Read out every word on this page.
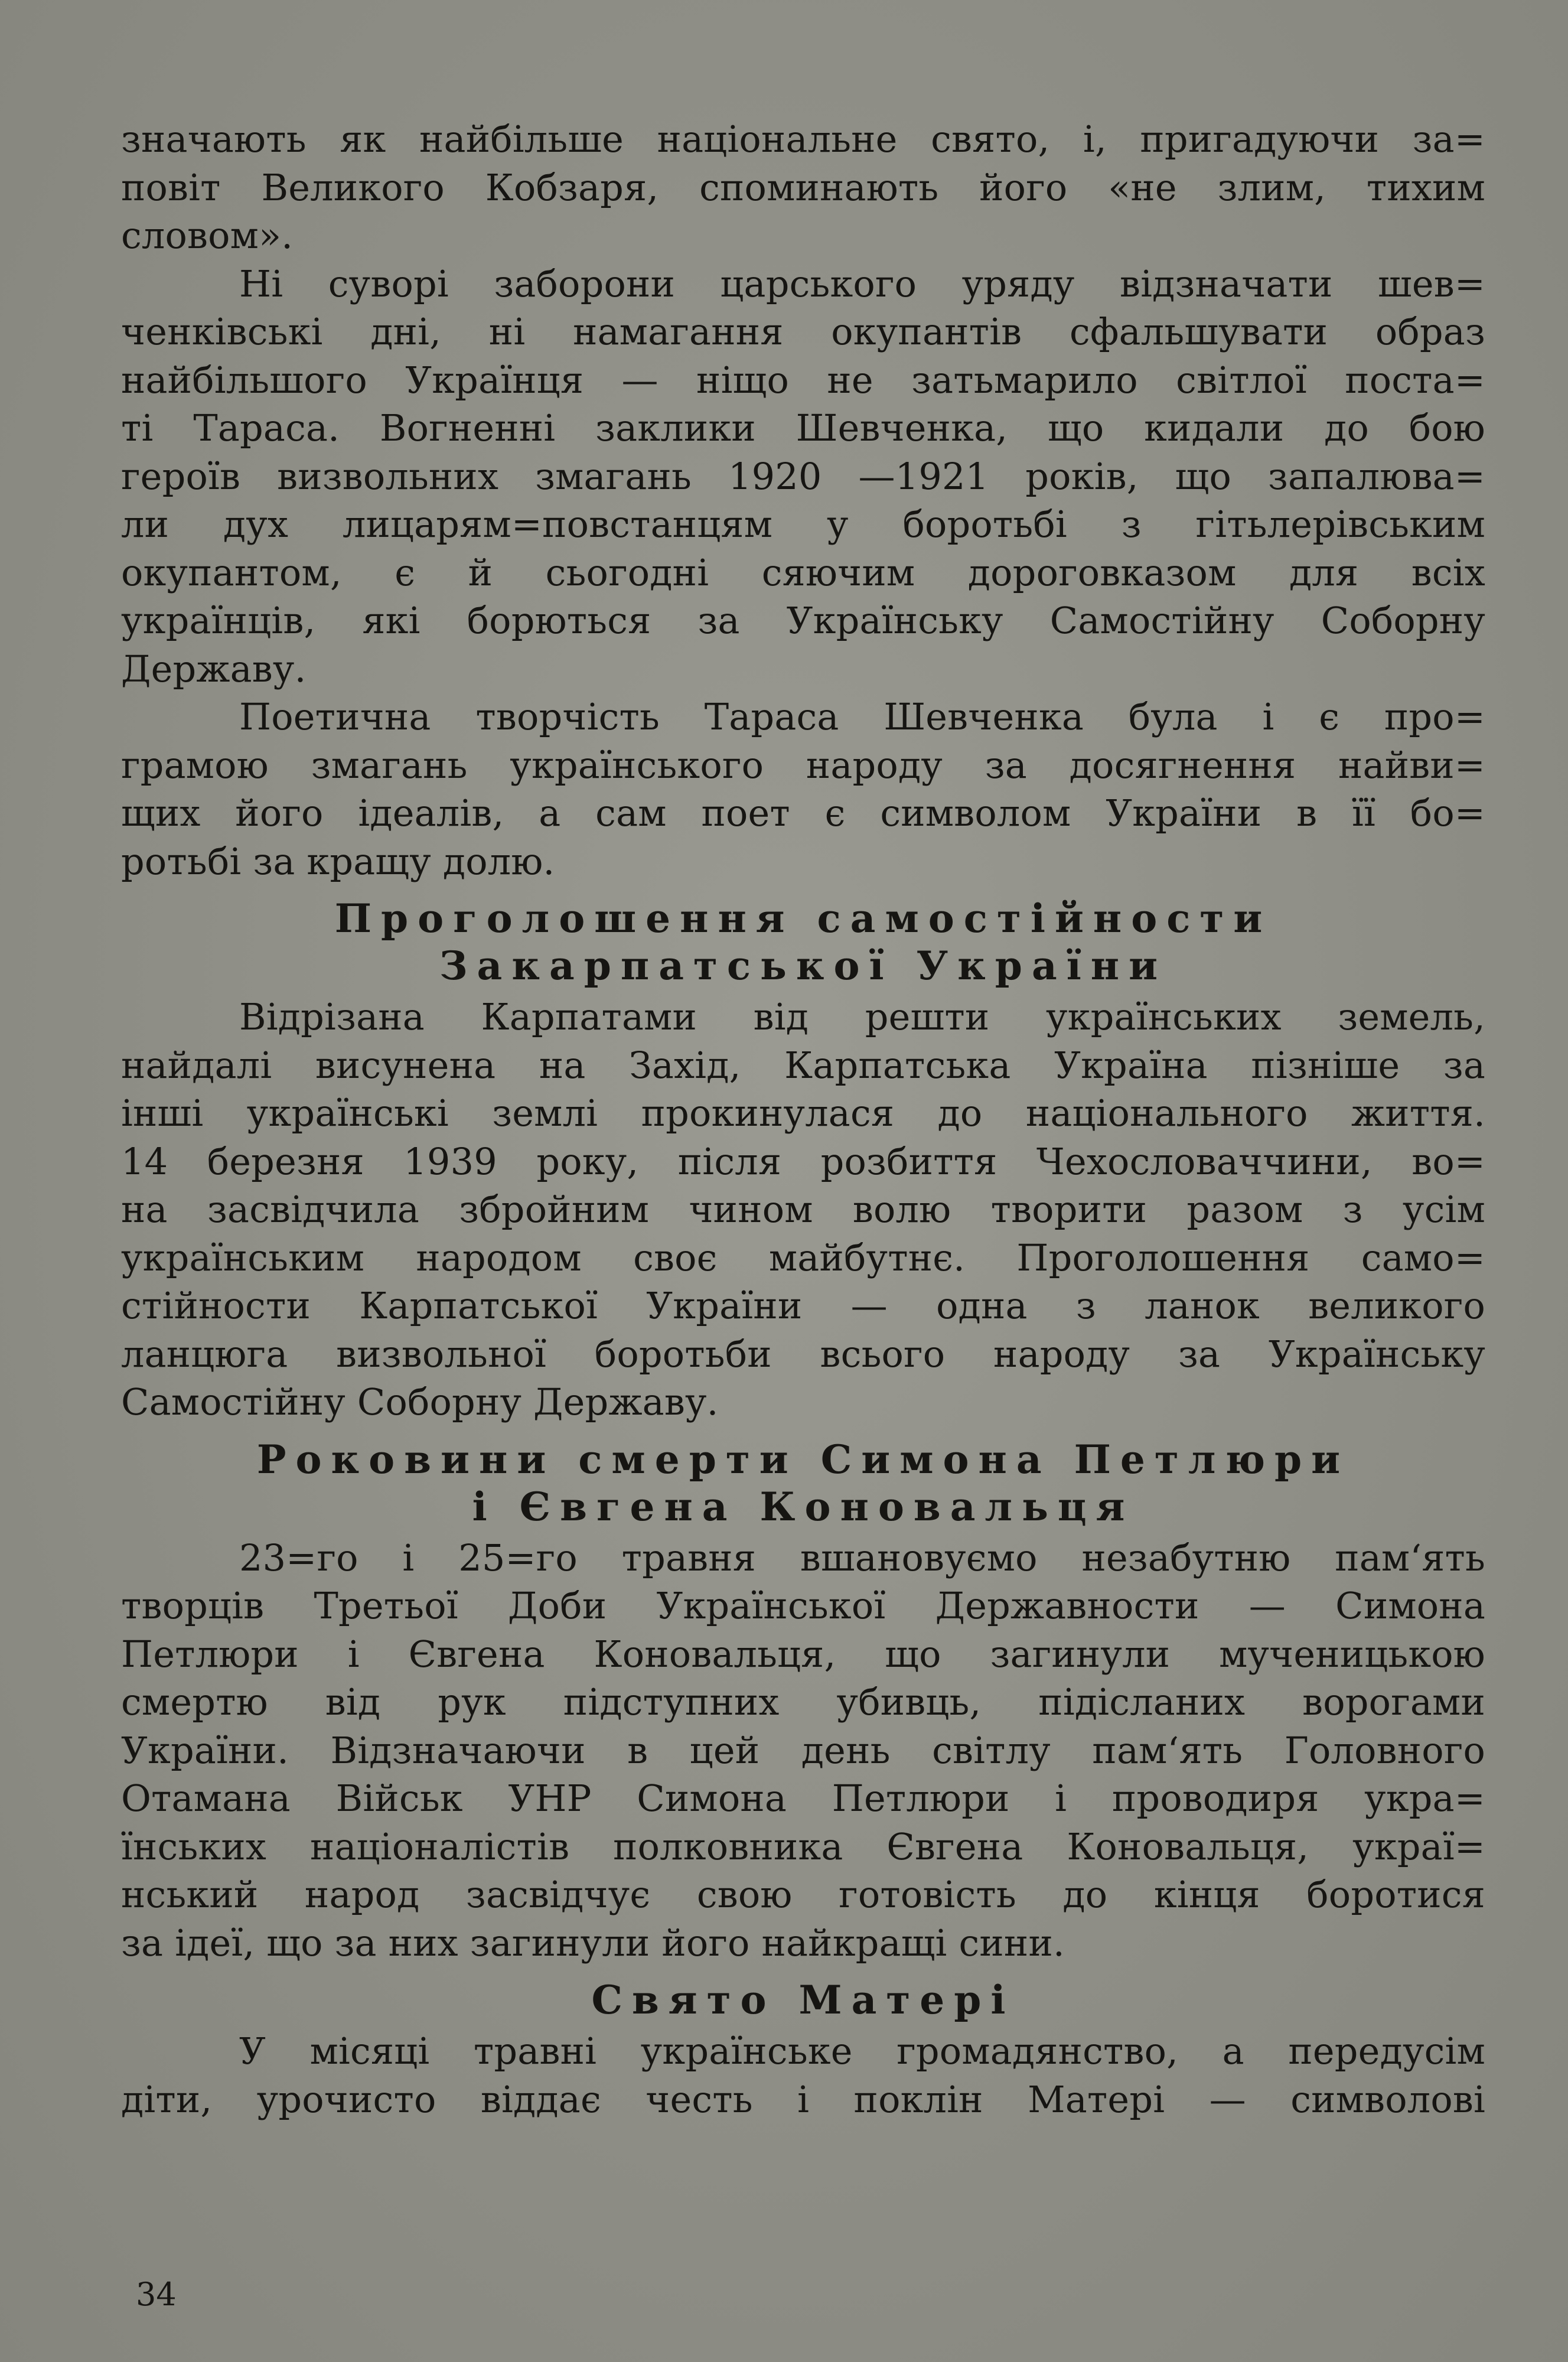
значають як найбільше національне свято, і, пригадуючи за=
повіт Великого Кобзаря, споминають його «не злим, тихим
словом».
Ні суворі заборони царського уряду відзначати шев=
ченківські дні, ні намагання окупантів сфальшувати образ
найбільшого Українця — ніщо не затьмарило світлої поста=
ті Тараса. Вогненні заклики Шевченка, що кидали до бою
героїв визвольних змагань 1920 —1921 років, що запалюва=
ли дух лицарям=повстанцям у боротьбі з гітьлерівським
окупантом, є й сьогодні сяючим дороговказом для всіх
українців, які борються за Українську Самостійну Соборну
Державу.
Поетична творчість Тараса Шевченка була і є про=
грамою змагань українського народу за досягнення найви=
щих його ідеалів, а сам поет є символом України в її бо=
ротьбі за кращу долю.
Проголошення самостійности
Закарпатської України
Відрізана Карпатами від решти українських земель,
найдалі висунена на Захід, Карпатська Україна пізніше за
інші українські землі прокинулася до національного життя.
14 березня 1939 року, після розбиття Чехословаччини, во=
на засвідчила збройним чином волю творити разом з усім
українським народом своє майбутнє. Проголошення само=
стійности Карпатської України — одна з ланок великого
ланцюга визвольної боротьби всього народу за Українську
Самостійну Соборну Державу.
Роковини смерти Симона Петлюри
і Євгена Коновальця
23=го і 25=го травня вшановуємо незабутню пам‘ять
творців Третьої Доби Української Державности — Симона
Петлюри і Євгена Коновальця, що загинули мученицькою
смертю від рук підступних убивць, підісланих ворогами
України. Відзначаючи в цей день світлу пам‘ять Головного
Отамана Військ УНР Симона Петлюри і проводиря укра=
їнських націоналістів полковника Євгена Коновальця, украї=
нський народ засвідчує свою готовість до кінця боротися
за ідеї, що за них загинули його найкращі сини.
Свято Матері
У місяці травні українське громадянство, а передусім
діти, урочисто віддає честь і поклін Матері — символові
34
